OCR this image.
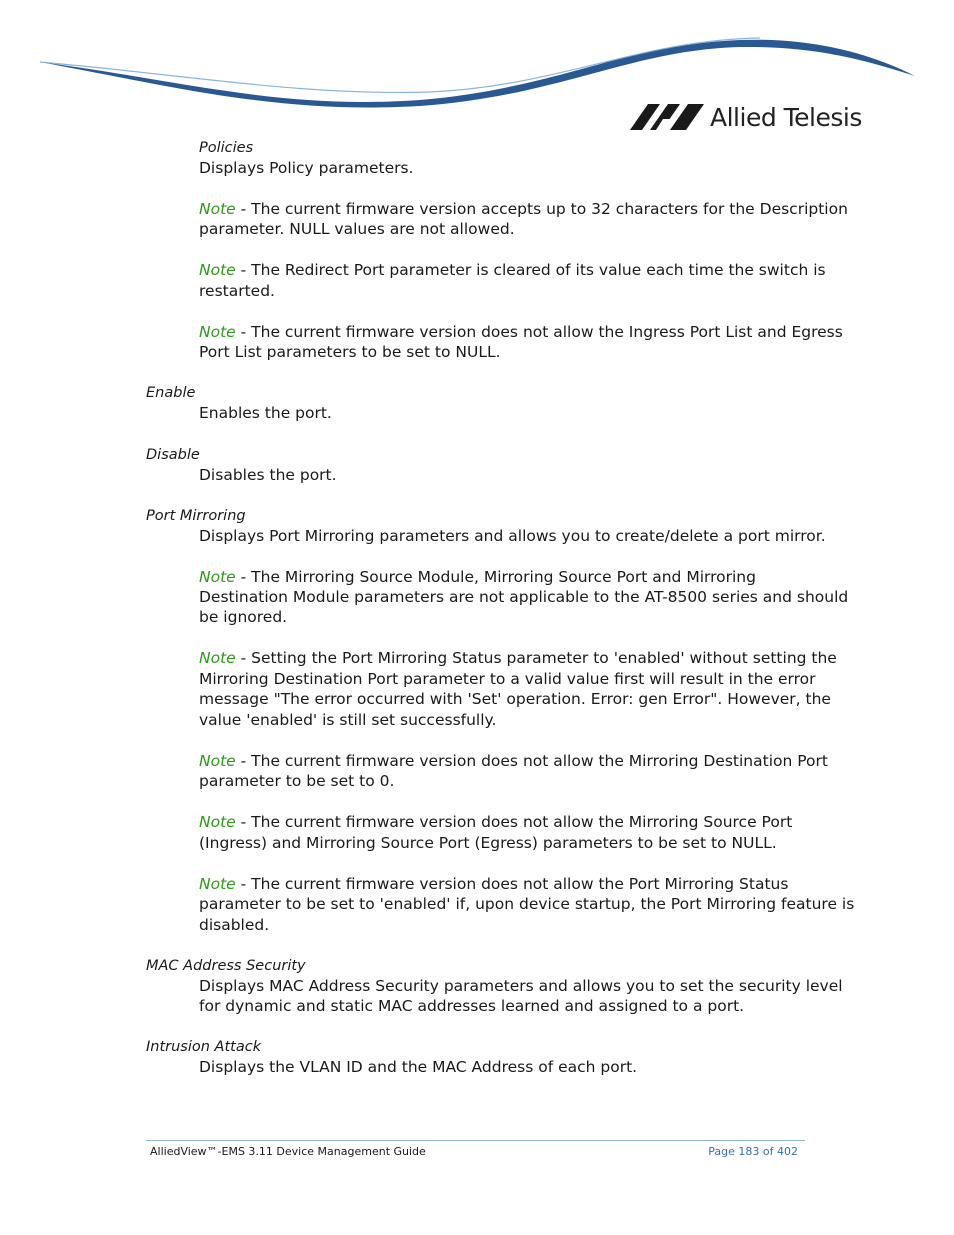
Allied Telesis
Policies
Displays Policy parameters.
Note - The current firmware version accepts up to 32 characters for the Description
parameter. NULL values are not allowed.
Note - The Redirect Port parameter is cleared of its value each time the switch is
restarted.
Note - The current firmware version does not allow the Ingress Port List and Egress
Port List parameters to be set to NULL.
Enable
Enables the port.
Disable
Disables the port.
Port Mirroring
Displays Port Mirroring parameters and allows you to create/delete a port mirror.
Note - The Mirroring Source Module, Mirroring Source Port and Mirroring
Destination Module parameters are not applicable to the AT-8500 series and should
be ignored.
Note - Setting the Port Mirroring Status parameter to 'enabled' without setting the
Mirroring Destination Port parameter to a valid value first will result in the error
message "The error occurred with 'Set' operation. Error: gen Error". However, the
value 'enabled' is still set successfully.
Note - The current firmware version does not allow the Mirroring Destination Port
parameter to be set to 0.
Note - The current firmware version does not allow the Mirroring Source Port
(Ingress) and Mirroring Source Port (Egress) parameters to be set to NULL.
Note - The current firmware version does not allow the Port Mirroring Status
parameter to be set to 'enabled' if, upon device startup, the Port Mirroring feature is
disabled.
MAC Address Security
Displays MAC Address Security parameters and allows you to set the security level
for dynamic and static MAC addresses learned and assigned to a port.
Intrusion Attack
Displays the VLAN ID and the MAC Address of each port.
AlliedView™-EMS 3.11 Device Management Guide	Page 183 of 402
